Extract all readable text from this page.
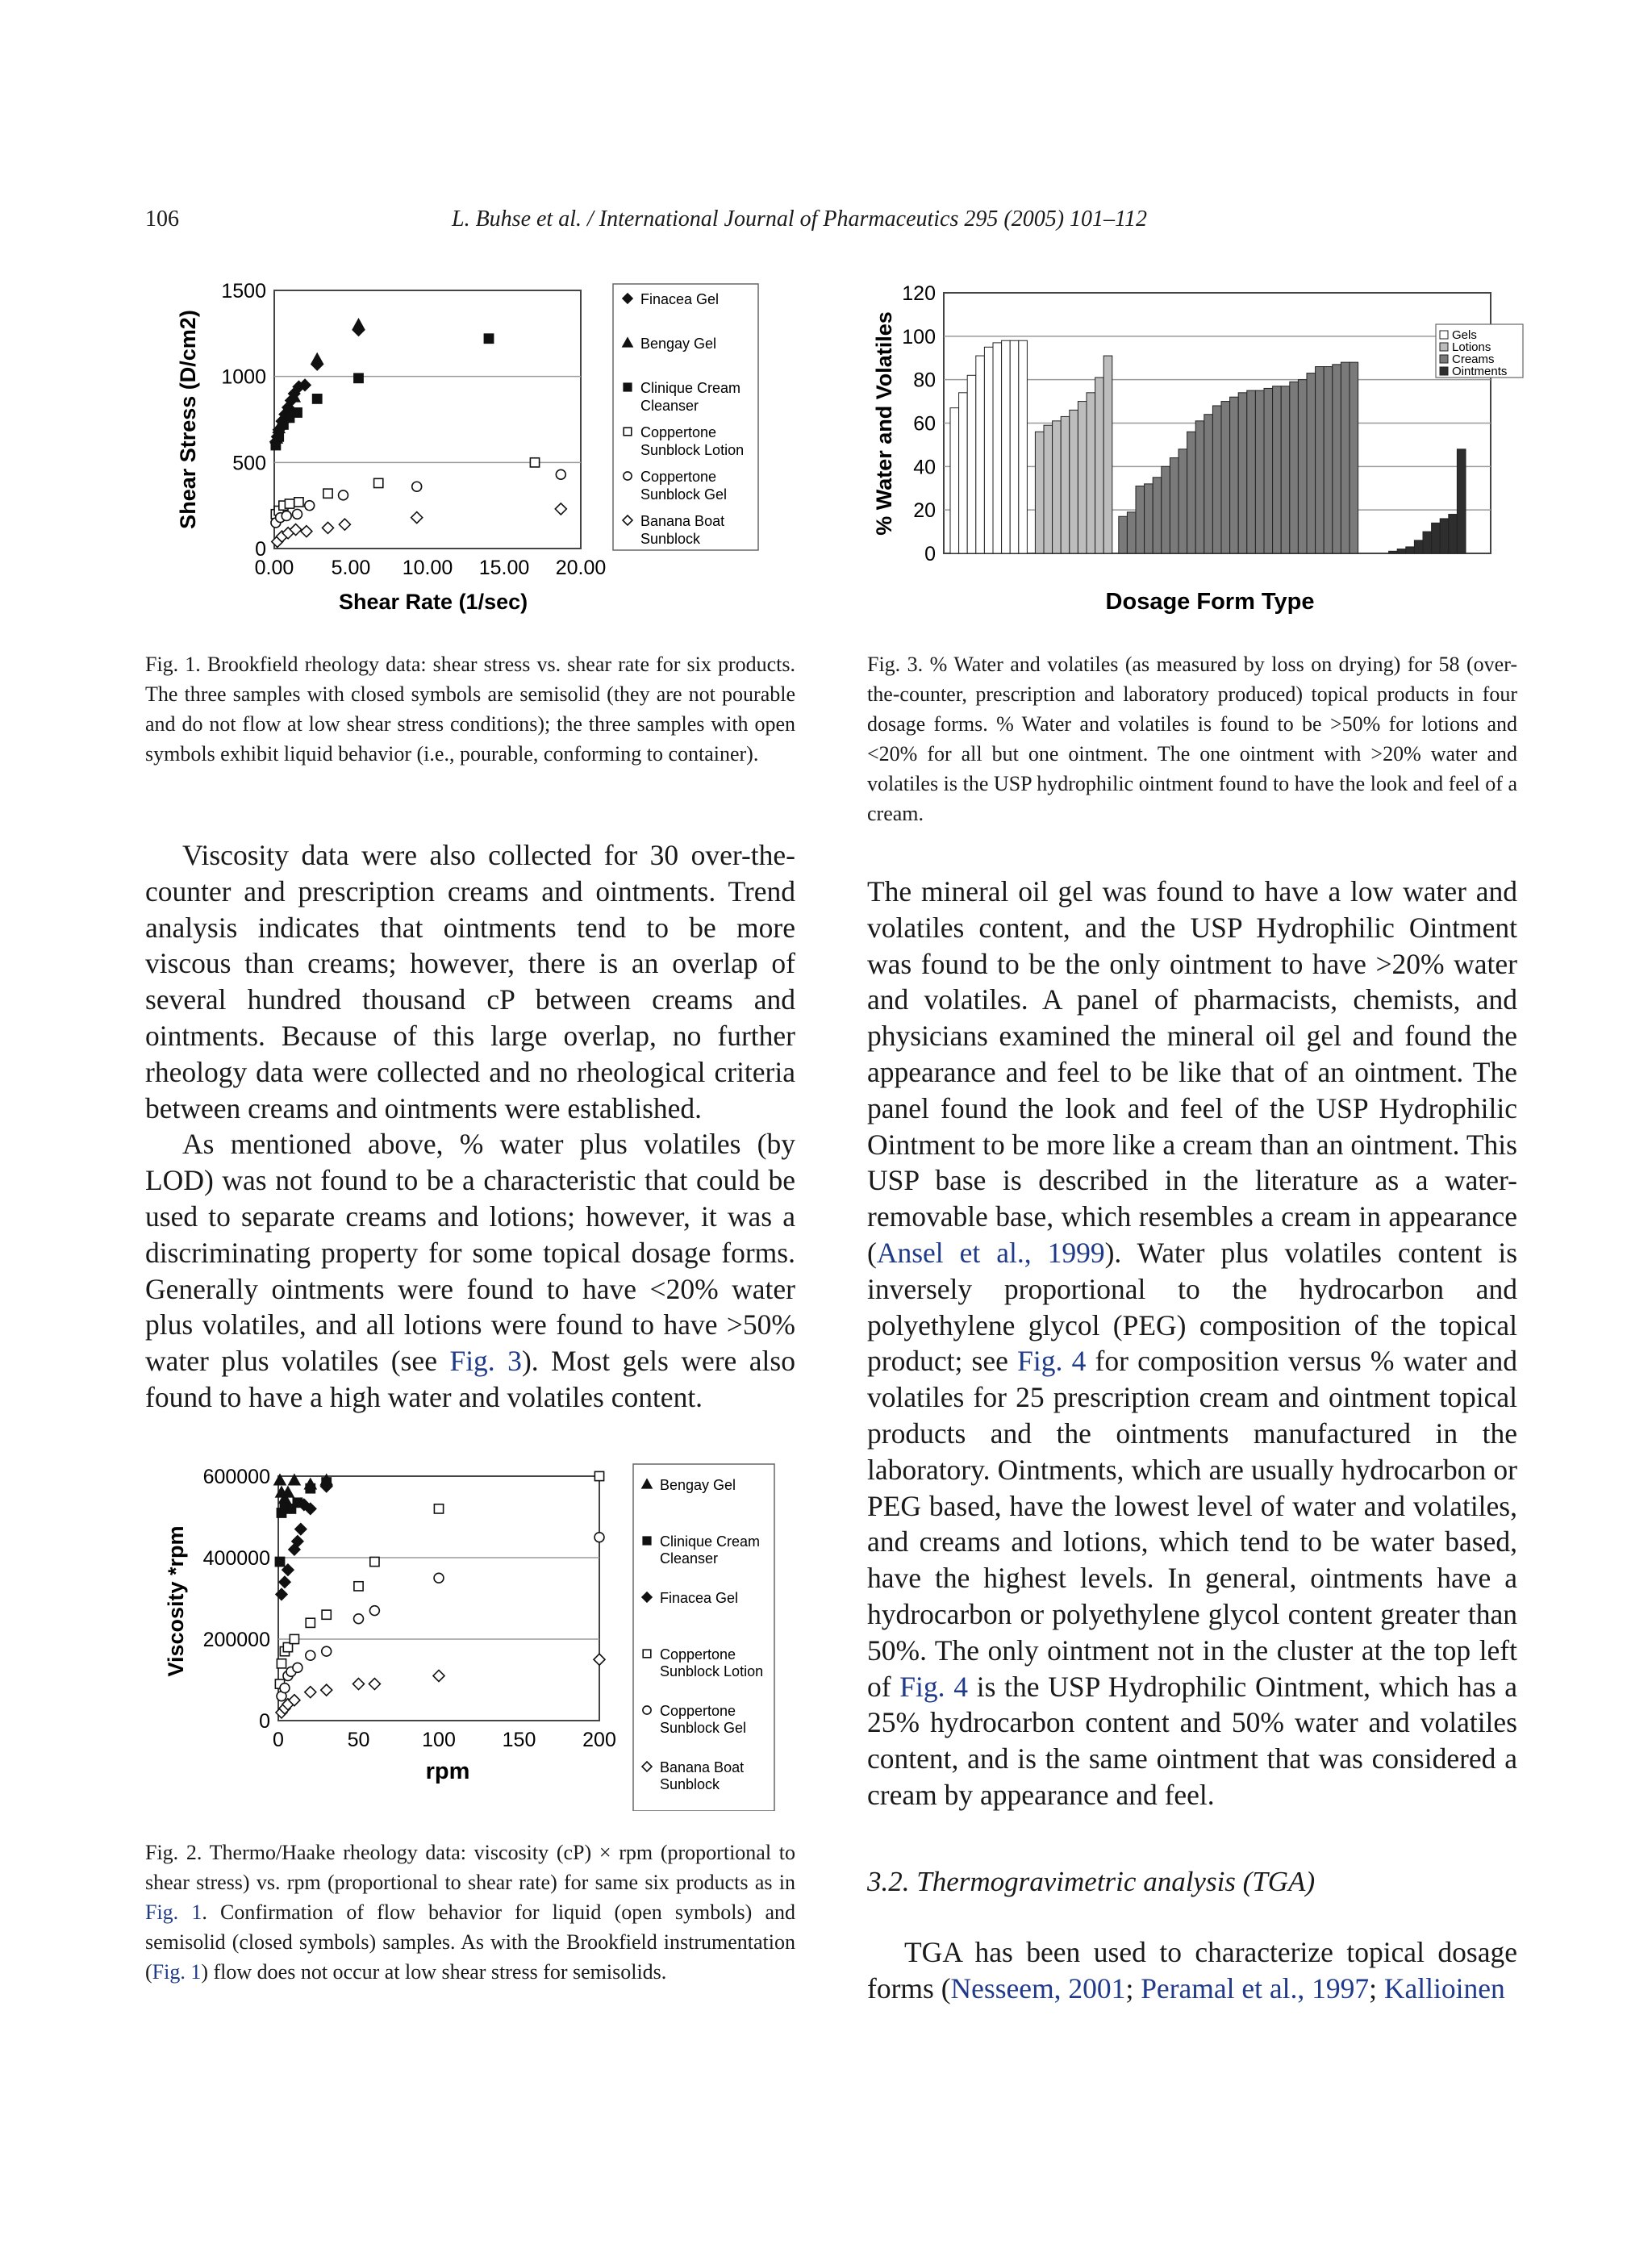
106	L. Buhse et al. / International Journal of Pharmaceutics 295 (2005) 101–112
0
500
1000
1500
0.00 5.00 10.00 15.00 20.00
Shear Rate (1/sec)
Shear Stress (D/cm2)
Finacea Gel
Bengay Gel
Clinique Cream
Cleanser
Coppertone
Sunblock Lotion
Coppertone
Sunblock Gel
Banana Boat
Sunblock
0
20
40
60
80
100
120
Dosage Form Type
% Water and Volatiles	Gels
Lotions
Creams
Ointments
Fig. 1. Brookfield rheology data: shear stress vs. shear rate for six products. The three samples with closed symbols are semisolid (they are not pourable and do not flow at low shear stress conditions); the three samples with open symbols exhibit liquid behavior (i.e., pourable, conforming to container).
Fig. 3. % Water and volatiles (as measured by loss on drying) for 58 (over-the-counter, prescription and laboratory produced) topical products in four dosage forms. % Water and volatiles is found to be >50% for lotions and <20% for all but one ointment. The one ointment with >20% water and volatiles is the USP hydrophilic ointment found to have the look and feel of a cream.

Viscosity data were also collected for 30 over-the-counter and prescription creams and ointments. Trend analysis indicates that ointments tend to be more viscous than creams; however, there is an overlap of several hundred thousand cP between creams and ointments. Because of this large overlap, no further rheology data were collected and no rheological criteria between creams and ointments were established.

As mentioned above, % water plus volatiles (by LOD) was not found to be a characteristic that could be used to separate creams and lotions; however, it was a discriminating property for some topical dosage forms. Generally ointments were found to have <20% water plus volatiles, and all lotions were found to have >50% water plus volatiles (see Fig. 3). Most gels were also found to have a high water and volatiles content.

0
200000
400000
600000
0	50	100 150 200
rpm
Viscosity *rpm
Bengay Gel
Clinique Cream
Cleanser
Finacea Gel
Coppertone
Sunblock Lotion
Coppertone
Sunblock Gel
Banana Boat
Sunblock
Fig. 2. Thermo/Haake rheology data: viscosity (cP) × rpm (proportional to shear stress) vs. rpm (proportional to shear rate) for same six products as in Fig. 1. Confirmation of flow behavior for liquid (open symbols) and semisolid (closed symbols) samples. As with the Brookfield instrumentation (Fig. 1) flow does not occur at low shear stress for semisolids.

The mineral oil gel was found to have a low water and volatiles content, and the USP Hydrophilic Ointment was found to be the only ointment to have >20% water and volatiles. A panel of pharmacists, chemists, and physicians examined the mineral oil gel and found the appearance and feel to be like that of an ointment. The panel found the look and feel of the USP Hydrophilic Ointment to be more like a cream than an ointment. This USP base is described in the literature as a water-removable base, which resembles a cream in appearance (Ansel et al., 1999). Water plus volatiles content is inversely proportional to the hydrocarbon and polyethylene glycol (PEG) composition of the topical product; see Fig. 4 for composition versus % water and volatiles for 25 prescription cream and ointment topical products and the ointments manufactured in the laboratory. Ointments, which are usually hydrocarbon or PEG based, have the lowest level of water and volatiles, and creams and lotions, which tend to be water based, have the highest levels. In general, ointments have a hydrocarbon or polyethylene glycol content greater than 50%. The only ointment not in the cluster at the top left of Fig. 4 is the USP Hydrophilic Ointment, which has a 25% hydrocarbon content and 50% water and volatiles content, and is the same ointment that was considered a cream by appearance and feel.

3.2. Thermogravimetric analysis (TGA)

TGA has been used to characterize topical dosage forms (Nesseem, 2001; Peramal et al., 1997; Kallioinen
